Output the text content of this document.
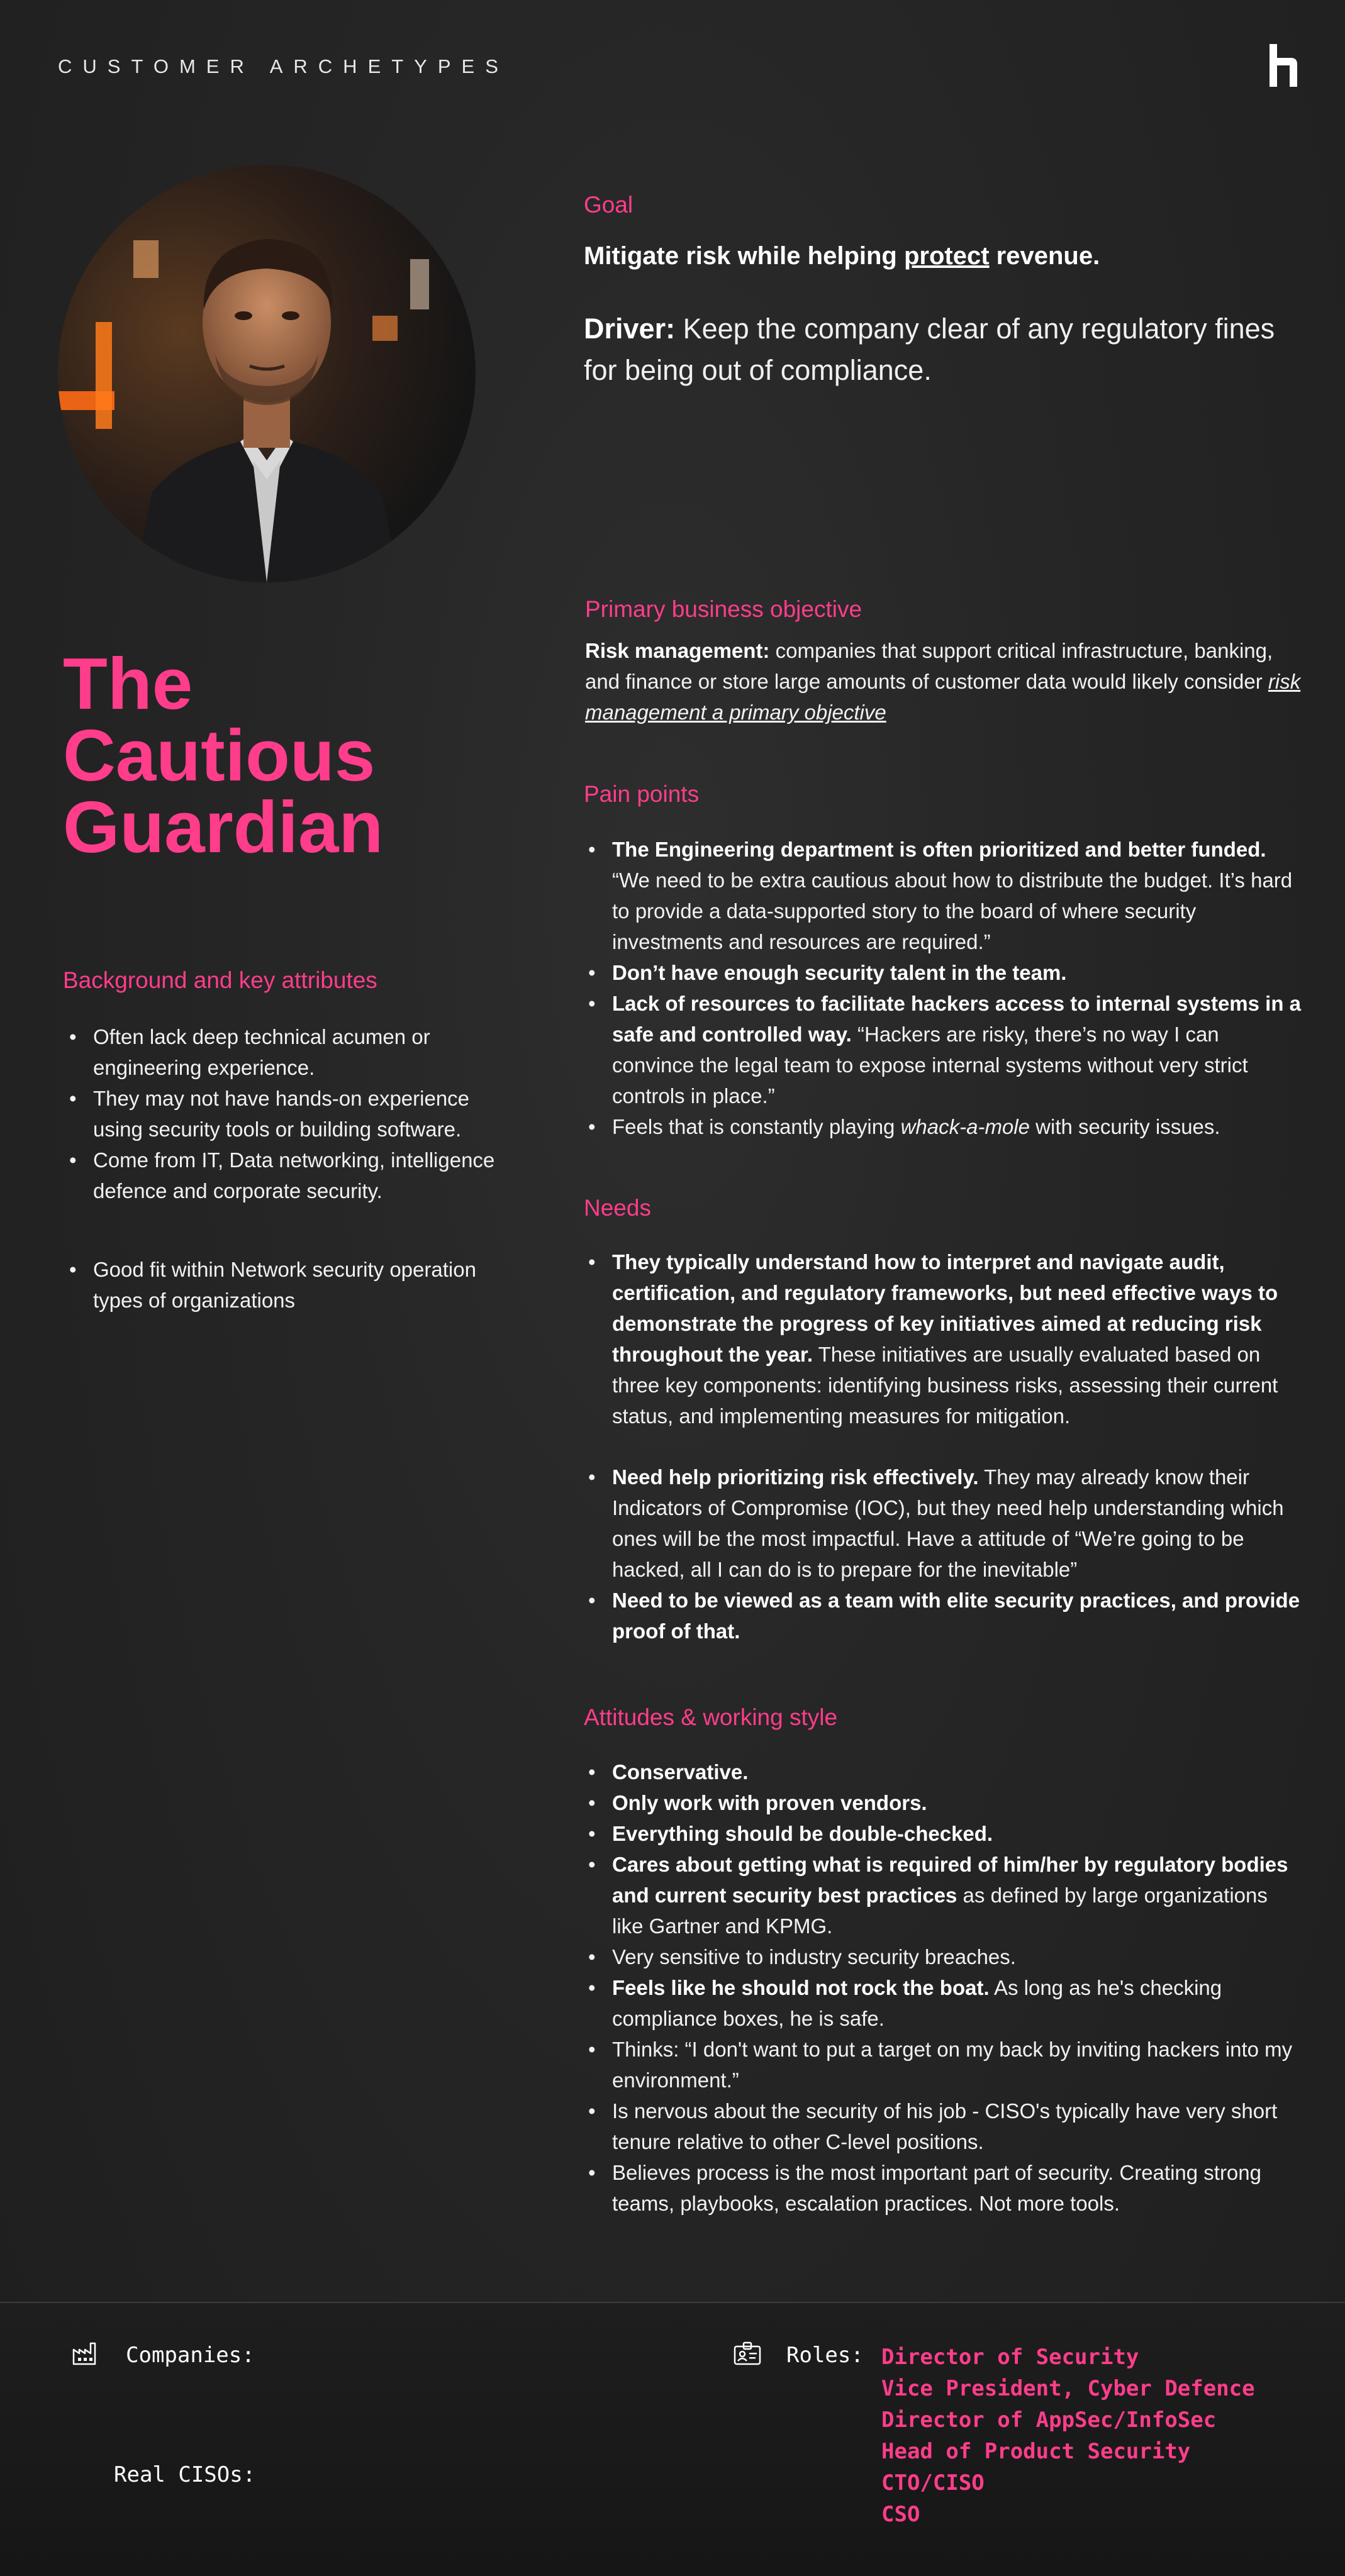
CUSTOMER ARCHETYPES
The
Cautious
Guardian
Background and key attributes
• Often lack deep technical acumen or engineering experience.
• They may not have hands-on experience using security tools or building software.
• Come from IT, Data networking, intelligence defence and corporate security.
• Good fit within Network security operation types of organizations
Goal
Mitigate risk while helping protect revenue.
Driver: Keep the company clear of any regulatory fines for being out of compliance.
Primary business objective
Risk management: companies that support critical infrastructure, banking, and finance or store large amounts of customer data would likely consider risk management a primary objective
Pain points
• The Engineering department is often prioritized and better funded. “We need to be extra cautious about how to distribute the budget. It’s hard to provide a data-supported story to the board of where security investments and resources are required.”
• Don’t have enough security talent in the team.
• Lack of resources to facilitate hackers access to internal systems in a safe and controlled way. “Hackers are risky, there’s no way I can convince the legal team to expose internal systems without very strict controls in place.”
• Feels that is constantly playing whack-a-mole with security issues.
Needs
• They typically understand how to interpret and navigate audit, certification, and regulatory frameworks, but need effective ways to demonstrate the progress of key initiatives aimed at reducing risk throughout the year. These initiatives are usually evaluated based on three key components: identifying business risks, assessing their current status, and implementing measures for mitigation.
• Need help prioritizing risk effectively. They may already know their Indicators of Compromise (IOC), but they need help understanding which ones will be the most impactful. Have a attitude of “We’re going to be hacked, all I can do is to prepare for the inevitable”
• Need to be viewed as a team with elite security practices, and provide proof of that.
Attitudes & working style
• Conservative.
• Only work with proven vendors.
• Everything should be double-checked.
• Cares about getting what is required of him/her by regulatory bodies and current security best practices as defined by large organizations like Gartner and KPMG.
• Very sensitive to industry security breaches.
• Feels like he should not rock the boat. As long as he's checking compliance boxes, he is safe.
• Thinks: “I don't want to put a target on my back by inviting hackers into my environment.”
• Is nervous about the security of his job - CISO's typically have very short tenure relative to other C-level positions.
• Believes process is the most important part of security. Creating strong teams, playbooks, escalation practices. Not more tools.
Companies:
Real CISOs:
Roles: Director of Security
Vice President, Cyber Defence
Director of AppSec/InfoSec
Head of Product Security
CTO/CISO
CSO
